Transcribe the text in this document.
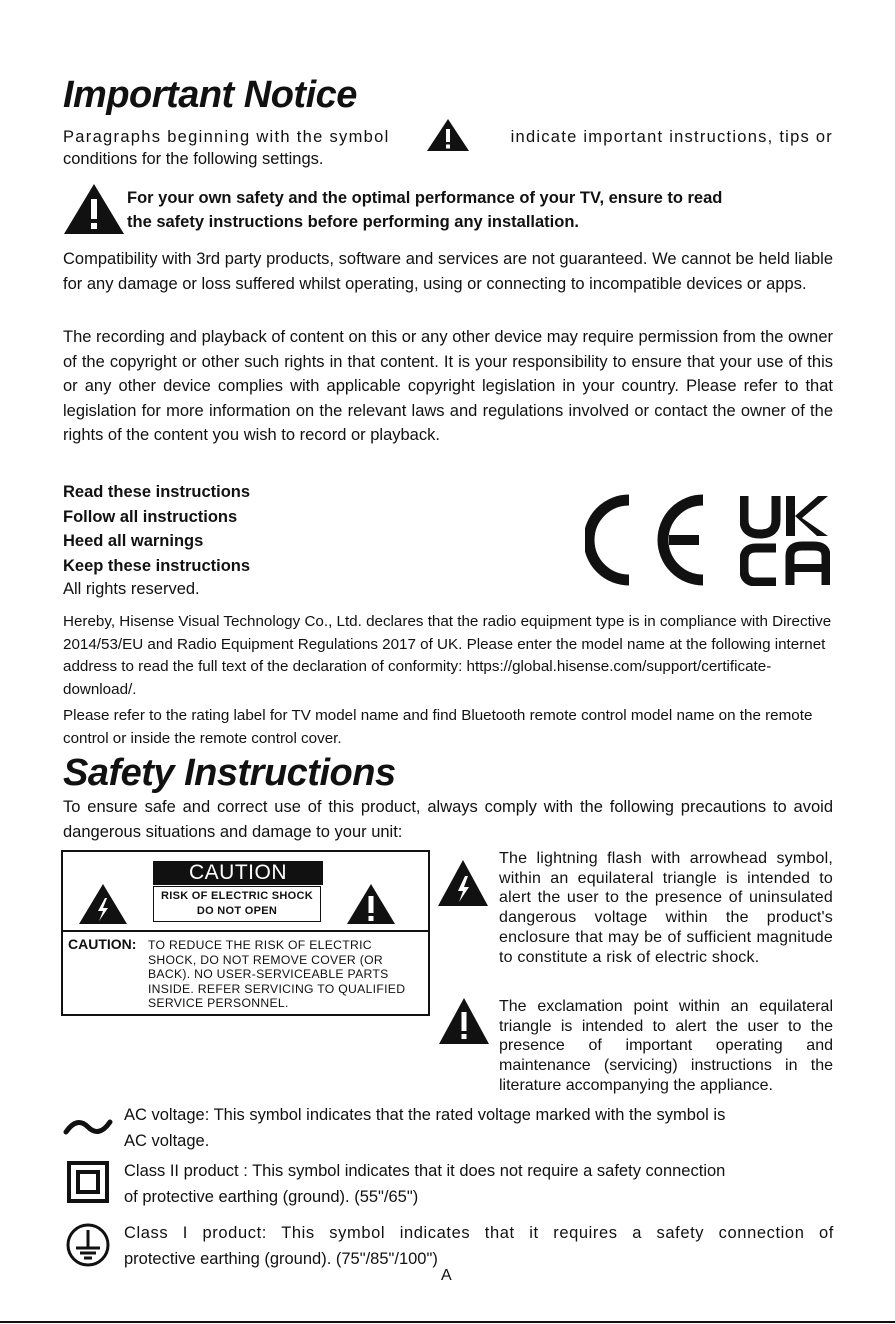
Important Notice
Paragraphs beginning with the symbol	indicate important instructions, tips or
conditions for the following settings.
For your own safety and the optimal performance of your TV, ensure to read
the safety instructions before performing any installation.
Compatibility with 3rd party products, software and services are not guaranteed. We cannot be held liable for any damage or loss suffered whilst operating, using or connecting to incompatible devices or apps.
The recording and playback of content on this or any other device may require permission from the owner of the copyright or other such rights in that content. It is your responsibility to ensure that your use of this or any other device complies with applicable copyright legislation in your country. Please refer to that legislation for more information on the relevant laws and regulations involved or contact the owner of the rights of the content you wish to record or playback.
Read these instructions
Follow all instructions
Heed all warnings
Keep these instructions
All rights reserved.
Hereby, Hisense Visual Technology Co., Ltd. declares that the radio equipment type is in compliance with Directive 2014/53/EU and Radio Equipment Regulations 2017 of UK. Please enter the model name at the following internet address to read the full text of the declaration of conformity: https://global.hisense.com/support/certificate-download/.
Please refer to the rating label for TV model name and find Bluetooth remote control model name on the remote control or inside the remote control cover.
Safety Instructions
To ensure safe and correct use of this product, always comply with the following precautions to avoid dangerous situations and damage to your unit:
CAUTION
RISK OF ELECTRIC SHOCK
DO NOT OPEN
CAUTION: TO REDUCE THE RISK OF ELECTRIC
SHOCK, DO NOT REMOVE COVER (OR
BACK). NO USER-SERVICEABLE PARTS
INSIDE. REFER SERVICING TO QUALIFIED
SERVICE PERSONNEL.
The lightning flash with arrowhead symbol, within an equilateral triangle is intended to alert the user to the presence of uninsulated dangerous voltage within the product's enclosure that may be of sufficient magnitude to constitute a risk of electric shock.
The exclamation point within an equilateral triangle is intended to alert the user to the presence of important operating and maintenance (servicing) instructions in the literature accompanying the appliance.
AC voltage: This symbol indicates that the rated voltage marked with the symbol is
AC voltage.
Class II product : This symbol indicates that it does not require a safety connection
of protective earthing (ground). (55"/65")
Class I product: This symbol indicates that it requires a safety connection of
protective earthing (ground). (75"/85"/100")
A
